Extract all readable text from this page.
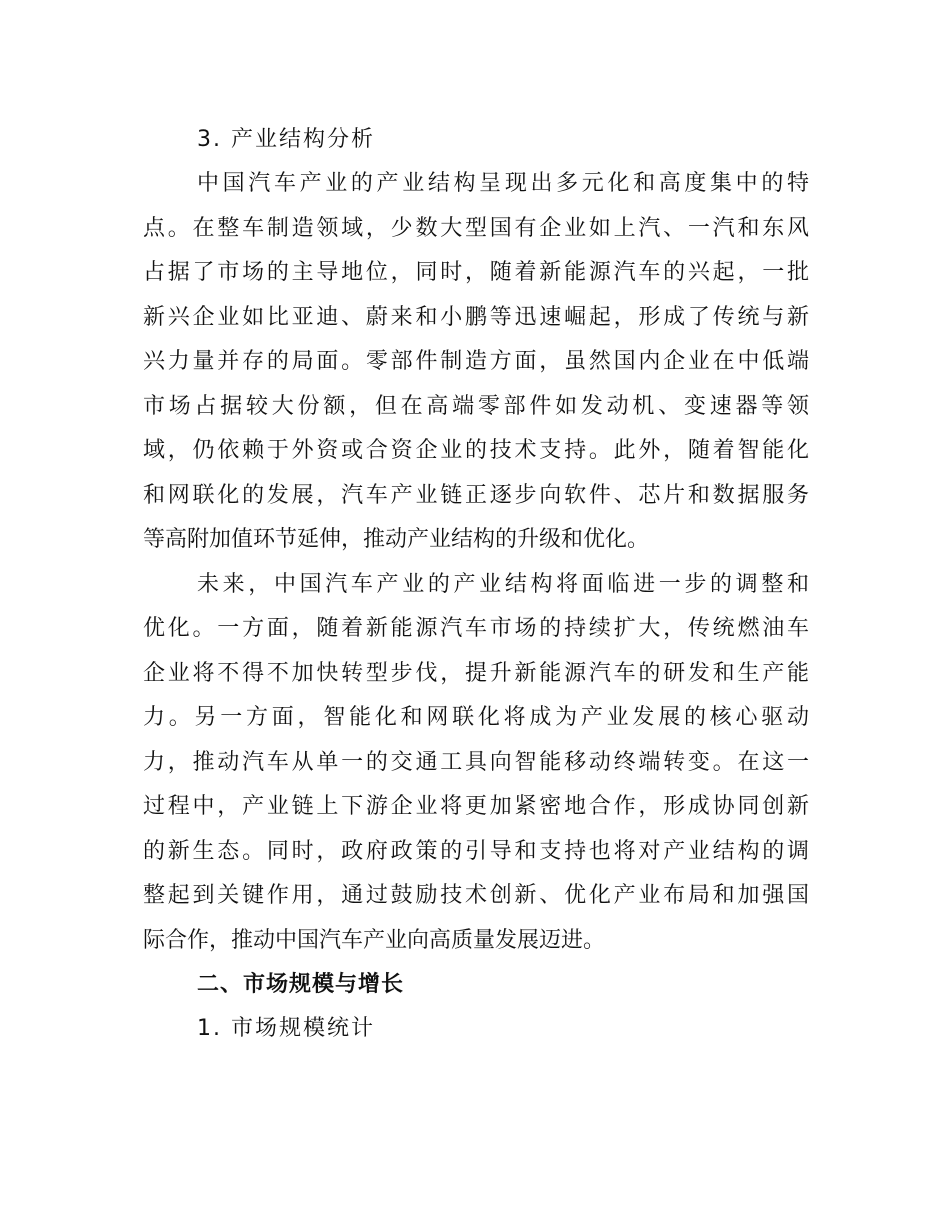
3. 产业结构分析

中国汽车产业的产业结构呈现出多元化和高度集中的特
点。在整车制造领域，少数大型国有企业如上汽、一汽和东风
占据了市场的主导地位，同时，随着新能源汽车的兴起，一批
新兴企业如比亚迪、蔚来和小鹏等迅速崛起，形成了传统与新
兴力量并存的局面。零部件制造方面，虽然国内企业在中低端
市场占据较大份额，但在高端零部件如发动机、变速器等领
域，仍依赖于外资或合资企业的技术支持。此外，随着智能化
和网联化的发展，汽车产业链正逐步向软件、芯片和数据服务
等高附加值环节延伸，推动产业结构的升级和优化。

未来，中国汽车产业的产业结构将面临进一步的调整和
优化。一方面，随着新能源汽车市场的持续扩大，传统燃油车
企业将不得不加快转型步伐，提升新能源汽车的研发和生产能
力。另一方面，智能化和网联化将成为产业发展的核心驱动
力，推动汽车从单一的交通工具向智能移动终端转变。在这一
过程中，产业链上下游企业将更加紧密地合作，形成协同创新
的新生态。同时，政府政策的引导和支持也将对产业结构的调
整起到关键作用，通过鼓励技术创新、优化产业布局和加强国
际合作，推动中国汽车产业向高质量发展迈进。

二、市场规模与增长
1. 市场规模统计
